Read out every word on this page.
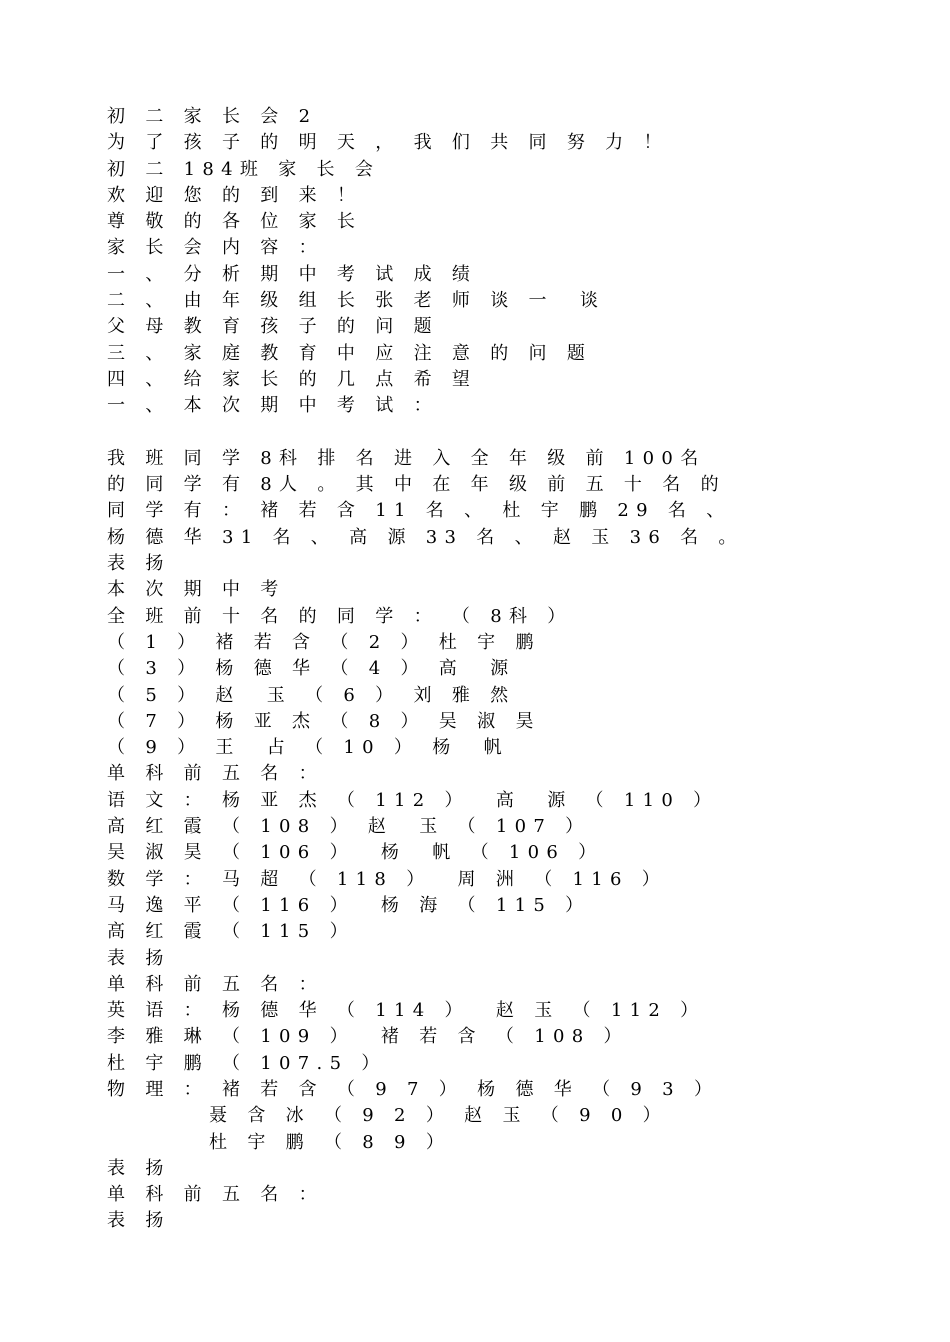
初 二 家 长 会 2
为 了 孩 子 的 明 天 ， 我 们 共 同 努 力 ！
初 二 184班 家 长 会
欢 迎 您 的 到 来 ！
尊 敬 的 各 位 家 长
家 长 会 内 容 ：
一 、 分 析 期 中 考 试 成 绩
二 、 由 年 级 组 长 张 老 师 谈 一  谈
父 母 教 育 孩 子 的 问 题
三 、 家 庭 教 育 中 应 注 意 的 问 题
四 、 给 家 长 的 几 点 希 望
一 、 本 次 期 中 考 试 ：
我 班 同 学 8科 排 名 进 入 全 年 级 前 100名
的 同 学 有 8人 。 其 中 在 年 级 前 五 十 名 的
同 学 有 ： 褚 若 含 11 名 、 杜 宇 鹏 29 名 、
杨 德 华 31 名 、 高 源 33 名 、 赵 玉 36 名 。
表 扬
本 次 期 中 考
全 班 前 十 名 的 同 学 ： （ 8科 ）
（ 1 ） 褚 若 含 （ 2 ） 杜 宇 鹏
（ 3 ） 杨 德 华 （ 4 ） 高  源
（ 5 ） 赵  玉 （ 6 ） 刘 雅 然
（ 7 ） 杨 亚 杰 （ 8 ） 吴 淑 昊
（ 9 ） 王  占 （ 10 ） 杨  帆
单 科 前 五 名 ：
语 文 ： 杨 亚 杰 （ 112 ）  高  源 （ 110 ）
高 红 霞 （ 108 ） 赵  玉 （ 107 ）
吴 淑 昊 （ 106 ）  杨  帆 （ 106 ）
数 学 ： 马 超 （ 118 ）  周 洲 （ 116 ）
马 逸 平 （ 116 ）  杨 海 （ 115 ）
高 红 霞 （ 115 ）
表 扬
单 科 前 五 名 ：
英 语 ： 杨 德 华 （ 114 ）  赵 玉 （ 112 ）
李 雅 琳 （ 109 ）  褚 若 含 （ 108 ）
杜 宇 鹏 （ 107.5 ）
物 理 ： 褚 若 含 （ 9 7 ） 杨 德 华 （ 9 3 ）
聂 含 冰 （ 9 2 ） 赵 玉 （ 9 0 ）
杜 宇 鹏 （ 8 9 ）
表 扬
单 科 前 五 名 ：
表 扬
